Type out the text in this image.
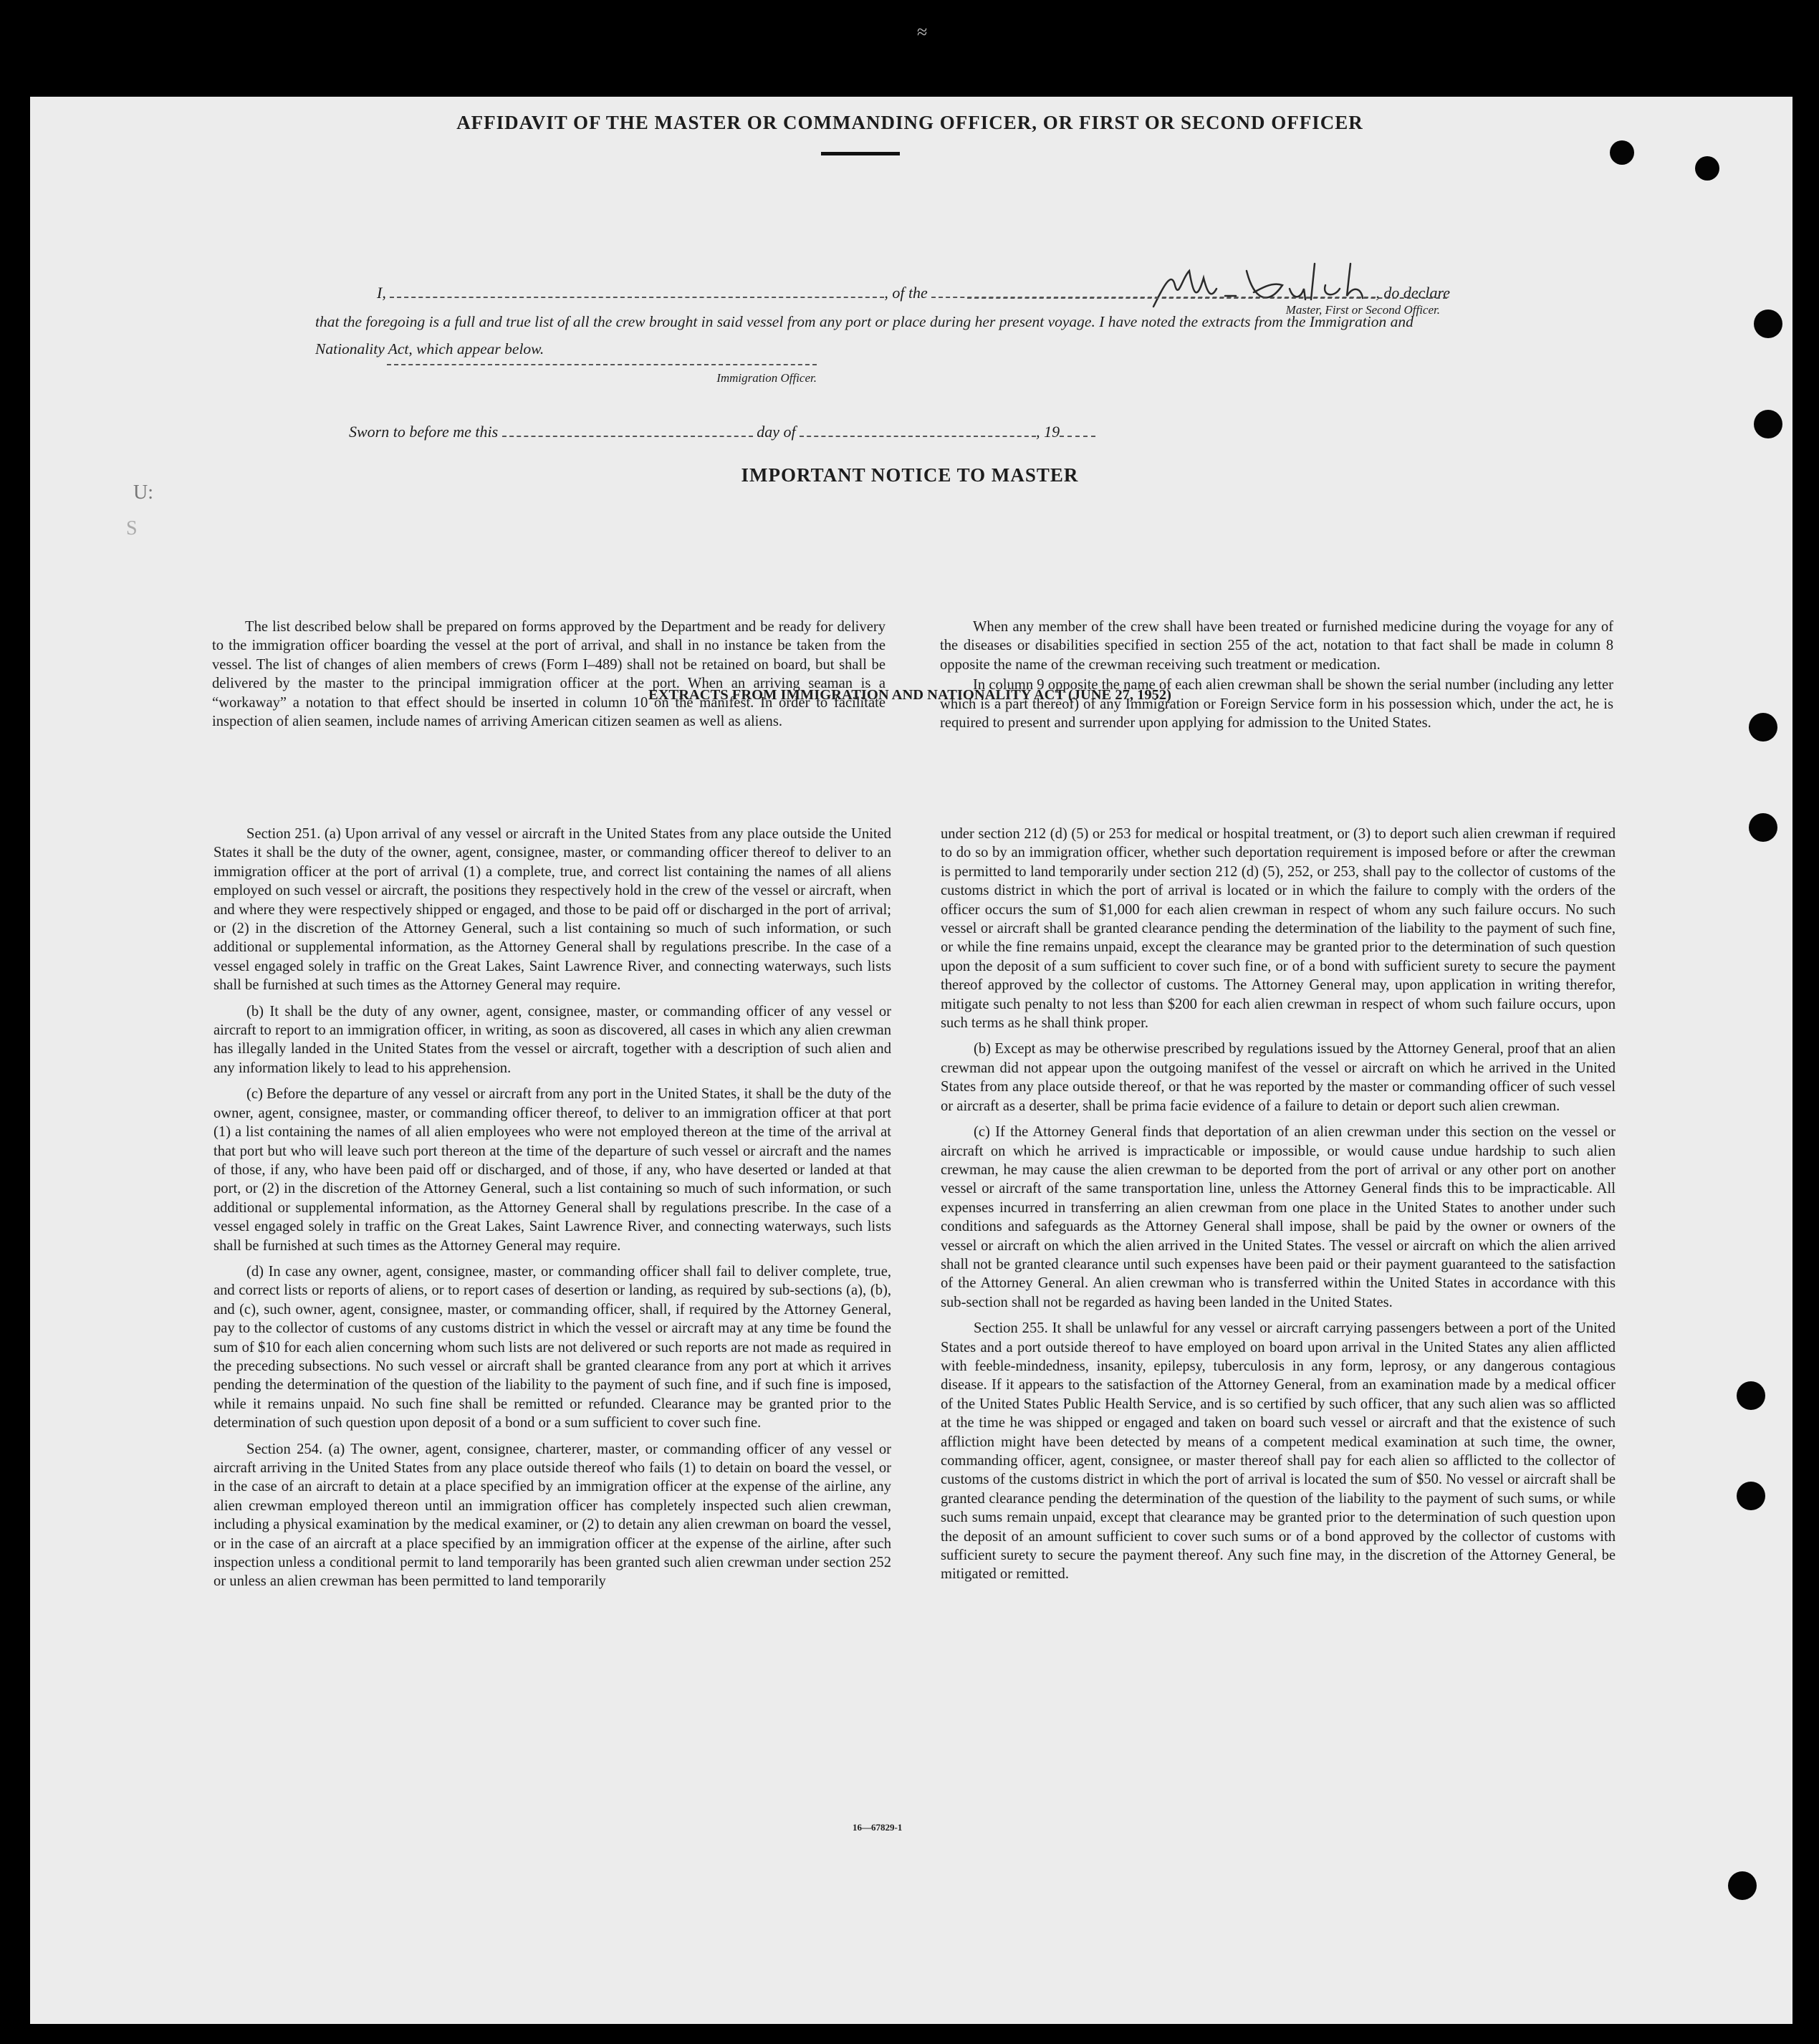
≈
U:
S
AFFIDAVIT OF THE MASTER OR COMMANDING OFFICER, OR FIRST OR SECOND OFFICER
I,	, of the	, do declare

that the foregoing is a full and true list of all the crew brought in said vessel from any port or place during her present voyage. I have noted the extracts from the Immigration and Nationality Act, which appear below.

Master, First or Second Officer.

Sworn to before me this	day of	, 19

Immigration Officer.

IMPORTANT NOTICE TO MASTER

The list described below shall be prepared on forms approved by the Department and be ready for delivery to the immigration officer boarding the vessel at the port of arrival, and shall in no instance be taken from the vessel. The list of changes of alien members of crews (Form I–489) shall not be retained on board, but shall be delivered by the master to the principal immigration officer at the port. When an arriving seaman is a “workaway” a notation to that effect should be inserted in column 10 on the manifest. In order to facilitate inspection of alien seamen, include names of arriving American citizen seamen as well as aliens.

When any member of the crew shall have been treated or furnished medicine during the voyage for any of the diseases or disabilities specified in section 255 of the act, notation to that fact shall be made in column 8 opposite the name of the crewman receiving such treatment or medication.

In column 9 opposite the name of each alien crewman shall be shown the serial number (including any letter which is a part thereof) of any Immigration or Foreign Service form in his possession which, under the act, he is required to present and surrender upon applying for admission to the United States.

EXTRACTS FROM IMMIGRATION AND NATIONALITY ACT (JUNE 27, 1952)

Section 251. (a) Upon arrival of any vessel or aircraft in the United States from any place outside the United States it shall be the duty of the owner, agent, consignee, master, or commanding officer thereof to deliver to an immigration officer at the port of arrival (1) a complete, true, and correct list containing the names of all aliens employed on such vessel or aircraft, the positions they respectively hold in the crew of the vessel or aircraft, when and where they were respectively shipped or engaged, and those to be paid off or discharged in the port of arrival; or (2) in the discretion of the Attorney General, such a list containing so much of such information, or such additional or supplemental information, as the Attorney General shall by regulations prescribe. In the case of a vessel engaged solely in traffic on the Great Lakes, Saint Lawrence River, and connecting waterways, such lists shall be furnished at such times as the Attorney General may require.

(b) It shall be the duty of any owner, agent, consignee, master, or commanding officer of any vessel or aircraft to report to an immigration officer, in writing, as soon as discovered, all cases in which any alien crewman has illegally landed in the United States from the vessel or aircraft, together with a description of such alien and any information likely to lead to his apprehension.

(c) Before the departure of any vessel or aircraft from any port in the United States, it shall be the duty of the owner, agent, consignee, master, or commanding officer thereof, to deliver to an immigration officer at that port (1) a list containing the names of all alien employees who were not employed thereon at the time of the arrival at that port but who will leave such port thereon at the time of the departure of such vessel or aircraft and the names of those, if any, who have been paid off or discharged, and of those, if any, who have deserted or landed at that port, or (2) in the discretion of the Attorney General, such a list containing so much of such information, or such additional or supplemental information, as the Attorney General shall by regulations prescribe. In the case of a vessel engaged solely in traffic on the Great Lakes, Saint Lawrence River, and connecting waterways, such lists shall be furnished at such times as the Attorney General may require.

(d) In case any owner, agent, consignee, master, or commanding officer shall fail to deliver complete, true, and correct lists or reports of aliens, or to report cases of desertion or landing, as required by sub-sections (a), (b), and (c), such owner, agent, consignee, master, or commanding officer, shall, if required by the Attorney General, pay to the collector of customs of any customs district in which the vessel or aircraft may at any time be found the sum of $10 for each alien concerning whom such lists are not delivered or such reports are not made as required in the preceding subsections. No such vessel or aircraft shall be granted clearance from any port at which it arrives pending the determination of the question of the liability to the payment of such fine, and if such fine is imposed, while it remains unpaid. No such fine shall be remitted or refunded. Clearance may be granted prior to the determination of such question upon deposit of a bond or a sum sufficient to cover such fine.

Section 254. (a) The owner, agent, consignee, charterer, master, or commanding officer of any vessel or aircraft arriving in the United States from any place outside thereof who fails (1) to detain on board the vessel, or in the case of an aircraft to detain at a place specified by an immigration officer at the expense of the airline, any alien crewman employed thereon until an immigration officer has completely inspected such alien crewman, including a physical examination by the medical examiner, or (2) to detain any alien crewman on board the vessel, or in the case of an aircraft at a place specified by an immigration officer at the expense of the airline, after such inspection unless a conditional permit to land temporarily has been granted such alien crewman under section 252 or unless an alien crewman has been permitted to land temporarily

under section 212 (d) (5) or 253 for medical or hospital treatment, or (3) to deport such alien crewman if required to do so by an immigration officer, whether such deportation requirement is imposed before or after the crewman is permitted to land temporarily under section 212 (d) (5), 252, or 253, shall pay to the collector of customs of the customs district in which the port of arrival is located or in which the failure to comply with the orders of the officer occurs the sum of $1,000 for each alien crewman in respect of whom any such failure occurs. No such vessel or aircraft shall be granted clearance pending the determination of the liability to the payment of such fine, or while the fine remains unpaid, except the clearance may be granted prior to the determination of such question upon the deposit of a sum sufficient to cover such fine, or of a bond with sufficient surety to secure the payment thereof approved by the collector of customs. The Attorney General may, upon application in writing therefor, mitigate such penalty to not less than $200 for each alien crewman in respect of whom such failure occurs, upon such terms as he shall think proper.

(b) Except as may be otherwise prescribed by regulations issued by the Attorney General, proof that an alien crewman did not appear upon the outgoing manifest of the vessel or aircraft on which he arrived in the United States from any place outside thereof, or that he was reported by the master or commanding officer of such vessel or aircraft as a deserter, shall be prima facie evidence of a failure to detain or deport such alien crewman.

(c) If the Attorney General finds that deportation of an alien crewman under this section on the vessel or aircraft on which he arrived is impracticable or impossible, or would cause undue hardship to such alien crewman, he may cause the alien crewman to be deported from the port of arrival or any other port on another vessel or aircraft of the same transportation line, unless the Attorney General finds this to be impracticable. All expenses incurred in transferring an alien crewman from one place in the United States to another under such conditions and safeguards as the Attorney General shall impose, shall be paid by the owner or owners of the vessel or aircraft on which the alien arrived in the United States. The vessel or aircraft on which the alien arrived shall not be granted clearance until such expenses have been paid or their payment guaranteed to the satisfaction of the Attorney General. An alien crewman who is transferred within the United States in accordance with this sub-section shall not be regarded as having been landed in the United States.

Section 255. It shall be unlawful for any vessel or aircraft carrying passengers between a port of the United States and a port outside thereof to have employed on board upon arrival in the United States any alien afflicted with feeble-mindedness, insanity, epilepsy, tuberculosis in any form, leprosy, or any dangerous contagious disease. If it appears to the satisfaction of the Attorney General, from an examination made by a medical officer of the United States Public Health Service, and is so certified by such officer, that any such alien was so afflicted at the time he was shipped or engaged and taken on board such vessel or aircraft and that the existence of such affliction might have been detected by means of a competent medical examination at such time, the owner, commanding officer, agent, consignee, or master thereof shall pay for each alien so afflicted to the collector of customs of the customs district in which the port of arrival is located the sum of $50. No vessel or aircraft shall be granted clearance pending the determination of the question of the liability to the payment of such sums, or while such sums remain unpaid, except that clearance may be granted prior to the determination of such question upon the deposit of an amount sufficient to cover such sums or of a bond approved by the collector of customs with sufficient surety to secure the payment thereof. Any such fine may, in the discretion of the Attorney General, be mitigated or remitted.

16—67829-1
